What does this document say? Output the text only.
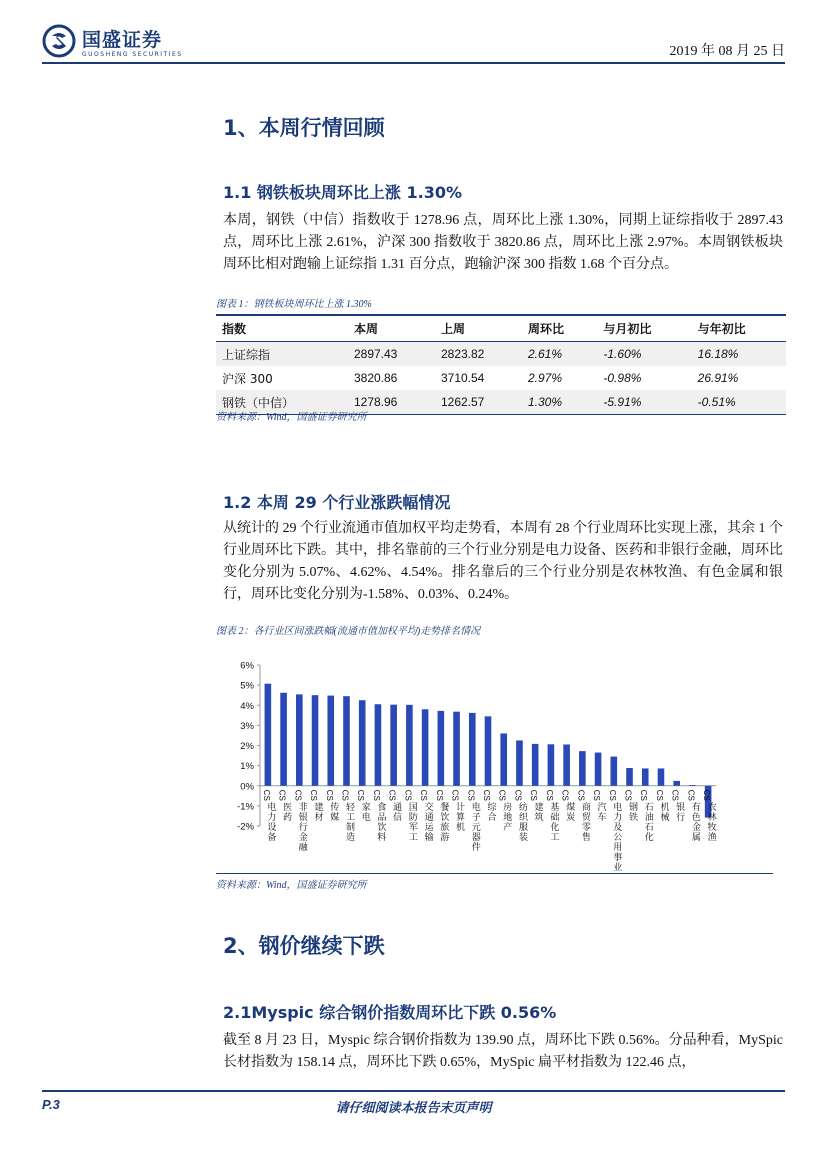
国盛证券
GUOSHENG SECURITIES	2019 年 08 月 25 日
1、本周行情回顾
1.1 钢铁板块周环比上涨 1.30%
本周，钢铁（中信）指数收于 1278.96 点，周环比上涨 1.30%，同期上证综指收于 2897.43 点，周环比上涨 2.61%，沪深 300 指数收于 3820.86 点，周环比上涨 2.97%。本周钢铁板块周环比相对跑输上证综指 1.31 百分点，跑输沪深 300 指数 1.68 个百分点。
图表 1：钢铁板块周环比上涨 1.30%
指数	本周	上周	周环比	与月初比	与年初比
上证综指	2897.43	2823.82	2.61%	-1.60%	16.18%
沪深 300	3820.86	3710.54	2.97%	-0.98%	26.91%
钢铁（中信）	1278.96	1262.57	1.30%	-5.91%	-0.51%
资料来源：Wind，国盛证券研究所
1.2 本周 29 个行业涨跌幅情况
从统计的 29 个行业流通市值加权平均走势看，本周有 28 个行业周环比实现上涨，其余 1 个行业周环比下跌。其中，排名靠前的三个行业分别是电力设备、医药和非银行金融，周环比变化分别为 5.07%、4.62%、4.54%。排名靠后的三个行业分别是农林牧渔、有色金属和银行，周环比变化分别为-1.58%、0.03%、0.24%。
图表 2：各行业区间涨跌幅(流通市值加权平均)走势排名情况
6%
5%
4%
3%
2%
1%
0%
-1%
-2%
CS
电
力
设
备
CS
医
药
CS
非
银
行
金
融
CS
建
材
CS
传
媒
CS
轻
工
制
造
CS
家
电
CS
食
品
饮
料
CS
通
信
CS
国
防
军
工
CS
交
通
运
输
CS
餐
饮
旅
游
CS
计
算
机
CS
电
子
元
器
件
CS
综
合
CS
房
地
产
CS
纺
织
服
装
CS
建
筑
CS
基
础
化
工
CS
煤
炭
CS
商
贸
零
售
CS
汽
车
CS
电
力
及
公
用
事
业
CS
钢
铁
CS
石
油
石
化
CS
机
械
CS
银
行
CS
有
色
金
属
CS
农
林
牧
渔
资料来源：Wind，国盛证券研究所
2、钢价继续下跌
2.1Myspic 综合钢价指数周环比下跌 0.56%
截至 8 月 23 日，Myspic 综合钢价指数为 139.90 点，周环比下跌 0.56%。分品种看，MySpic 长材指数为 158.14 点，周环比下跌 0.65%，MySpic 扁平材指数为 122.46 点，
P.3	请仔细阅读本报告末页声明
